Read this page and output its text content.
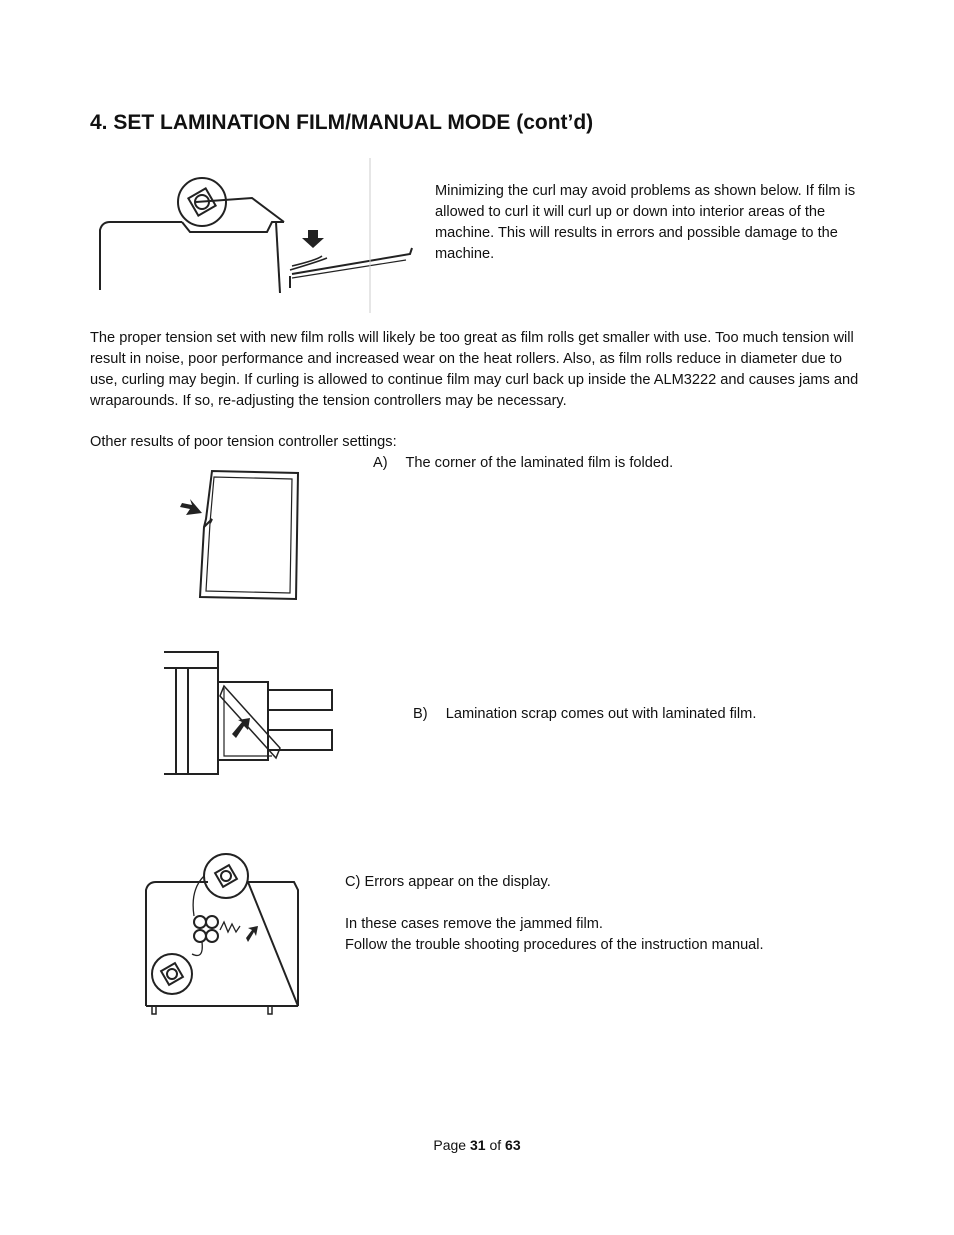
4. SET LAMINATION FILM/MANUAL MODE (cont’d)

Minimizing the curl may avoid problems as shown below. If film is allowed to curl it will curl up or down into interior areas of the machine. This will results in errors and possible damage to the machine.

The proper tension set with new film rolls will likely be too great as film rolls get smaller with use. Too much tension will result in noise, poor performance and increased wear on the heat rollers. Also, as film rolls reduce in diameter due to use, curling may begin. If curling is allowed to continue film may curl back up inside the ALM3222 and causes jams and wraparounds. If so, re-adjusting the tension controllers may be necessary.

Other results of poor tension controller settings:

A) The corner of the laminated film is folded.
B) Lamination scrap comes out with laminated film.

C) Errors appear on the display.

In these cases remove the jammed film.

Follow the trouble shooting procedures of the instruction manual.

Page 31 of 63
